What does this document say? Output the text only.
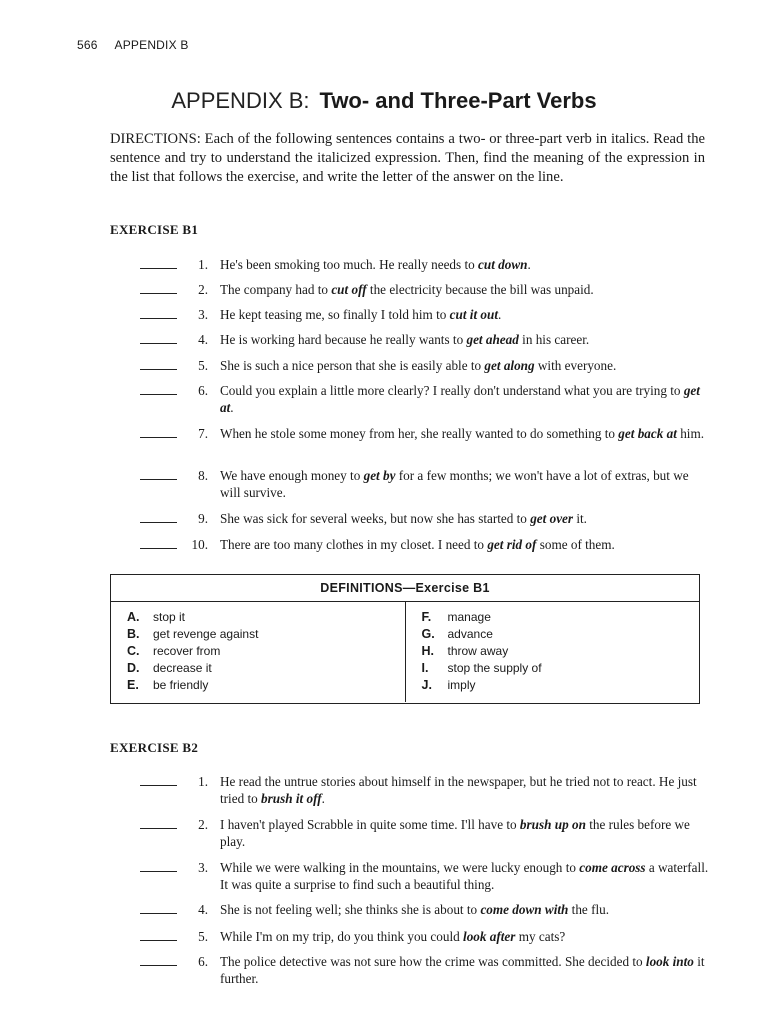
566 APPENDIX B
APPENDIX B: Two- and Three-Part Verbs
DIRECTIONS: Each of the following sentences contains a two- or three-part verb in italics. Read the sentence and try to understand the italicized expression. Then, find the meaning of the expression in the list that follows the exercise, and write the letter of the answer on the line.
EXERCISE B1
1. He's been smoking too much. He really needs to cut down.
2. The company had to cut off the electricity because the bill was unpaid.
3. He kept teasing me, so finally I told him to cut it out.
4. He is working hard because he really wants to get ahead in his career.
5. She is such a nice person that she is easily able to get along with everyone.
6. Could you explain a little more clearly? I really don't understand what you are trying to get at.
7. When he stole some money from her, she really wanted to do something to get back at him.
8. We have enough money to get by for a few months; we won't have a lot of extras, but we will survive.
9. She was sick for several weeks, but now she has started to get over it.
10. There are too many clothes in my closet. I need to get rid of some of them.
DEFINITIONS—Exercise B1
A.	stop it
B.	get revenge against
C.	recover from
D.	decrease it
E.	be friendly
F.	manage
G.	advance
H.	throw away
I.	stop the supply of
J.	imply
EXERCISE B2
1. He read the untrue stories about himself in the newspaper, but he tried not to react. He just tried to brush it off.
2. I haven't played Scrabble in quite some time. I'll have to brush up on the rules before we play.
3. While we were walking in the mountains, we were lucky enough to come across a waterfall. It was quite a surprise to find such a beautiful thing.
4. She is not feeling well; she thinks she is about to come down with the flu.
5. While I'm on my trip, do you think you could look after my cats?
6. The police detective was not sure how the crime was committed. She decided to look into it further.
